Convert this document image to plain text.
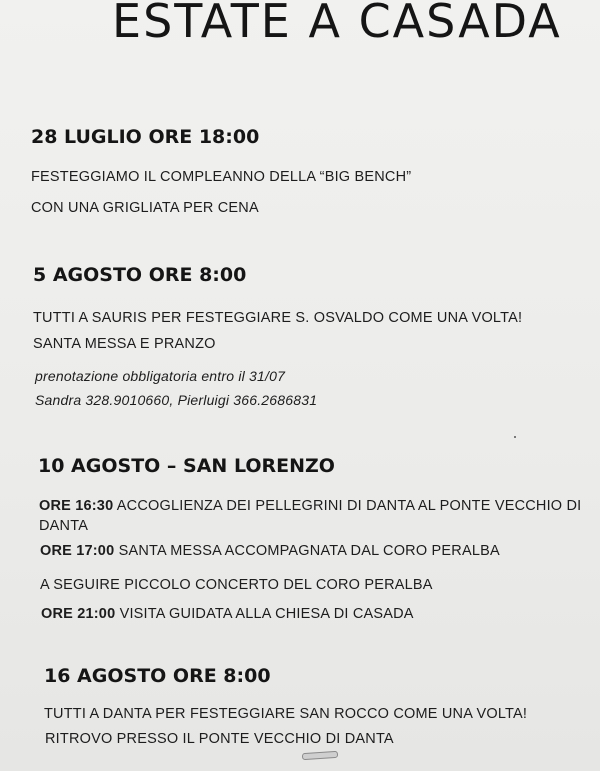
ESTATE A CASADA
28 LUGLIO ORE 18:00
FESTEGGIAMO IL COMPLEANNO DELLA “BIG BENCH”
CON UNA GRIGLIATA PER CENA
5 AGOSTO ORE 8:00
TUTTI A SAURIS PER FESTEGGIARE S. OSVALDO COME UNA VOLTA!
SANTA MESSA E PRANZO
prenotazione obbligatoria entro il 31/07
Sandra 328.9010660, Pierluigi 366.2686831
10 AGOSTO – SAN LORENZO
ORE 16:30 ACCOGLIENZA DEI PELLEGRINI DI DANTA AL PONTE VECCHIO DI DANTA
ORE 17:00 SANTA MESSA ACCOMPAGNATA DAL CORO PERALBA
A SEGUIRE PICCOLO CONCERTO DEL CORO PERALBA
ORE 21:00 VISITA GUIDATA ALLA CHIESA DI CASADA
16 AGOSTO ORE 8:00
TUTTI A DANTA PER FESTEGGIARE SAN ROCCO COME UNA VOLTA!
RITROVO PRESSO IL PONTE VECCHIO DI DANTA
